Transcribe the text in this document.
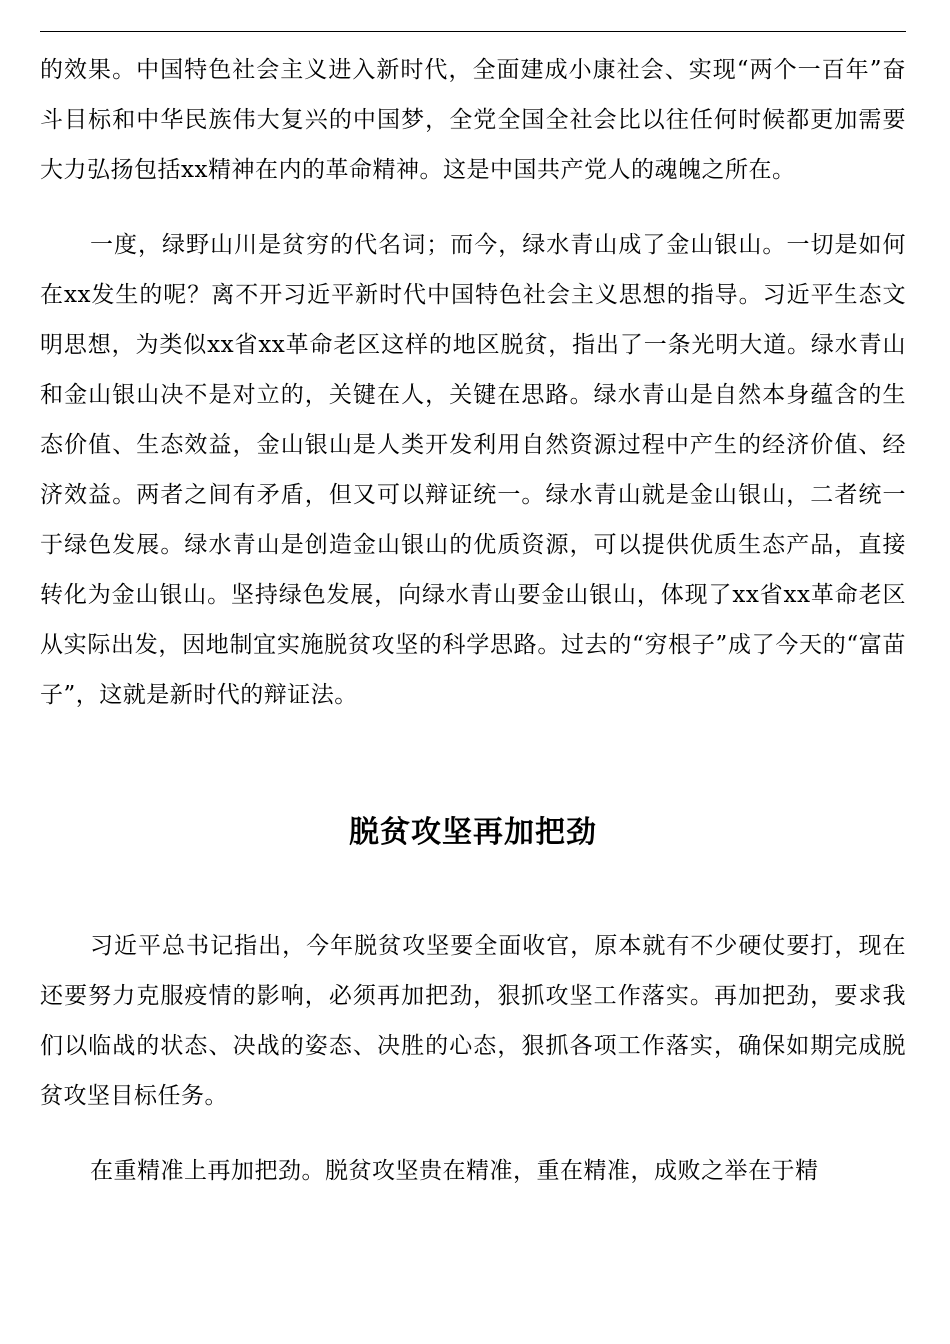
的效果。中国特色社会主义进入新时代，全面建成小康社会、实现“两个一百年”奋斗目标和中华民族伟大复兴的中国梦，全党全国全社会比以往任何时候都更加需要大力弘扬包括xx精神在内的革命精神。这是中国共产党人的魂魄之所在。

一度，绿野山川是贫穷的代名词；而今，绿水青山成了金山银山。一切是如何在xx发生的呢？离不开习近平新时代中国特色社会主义思想的指导。习近平生态文明思想，为类似xx省xx革命老区这样的地区脱贫，指出了一条光明大道。绿水青山和金山银山决不是对立的，关键在人，关键在思路。绿水青山是自然本身蕴含的生态价值、生态效益，金山银山是人类开发利用自然资源过程中产生的经济价值、经济效益。两者之间有矛盾，但又可以辩证统一。绿水青山就是金山银山，二者统一于绿色发展。绿水青山是创造金山银山的优质资源，可以提供优质生态产品，直接转化为金山银山。坚持绿色发展，向绿水青山要金山银山，体现了xx省xx革命老区从实际出发，因地制宜实施脱贫攻坚的科学思路。过去的“穷根子”成了今天的“富苗子”，这就是新时代的辩证法。

脱贫攻坚再加把劲

习近平总书记指出，今年脱贫攻坚要全面收官，原本就有不少硬仗要打，现在还要努力克服疫情的影响，必须再加把劲，狠抓攻坚工作落实。再加把劲，要求我们以临战的状态、决战的姿态、决胜的心态，狠抓各项工作落实，确保如期完成脱贫攻坚目标任务。

在重精准上再加把劲。脱贫攻坚贵在精准，重在精准，成败之举在于精
